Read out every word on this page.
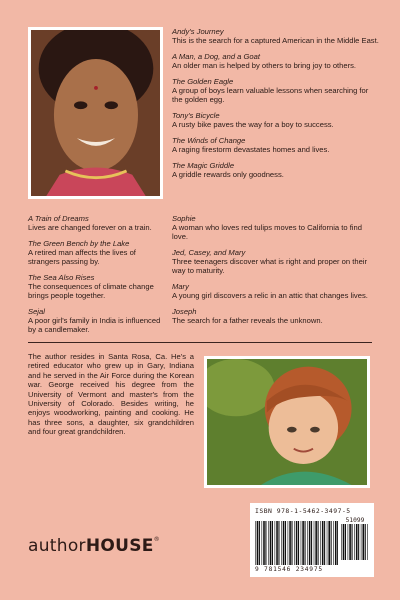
Andy's Journey
This is the search for a captured American in the Middle East.
A Man, a Dog, and a Goat
An older man is helped by others to bring joy to others.
The Golden Eagle
A group of boys learn valuable lessons when searching for the golden egg.
Tony's Bicycle
A rusty bike paves the way for a boy to success.
The Winds of Change
A raging firestorm devastates homes and lives.
The Magic Griddle
A griddle rewards only goodness.
A Train of Dreams
Lives are changed forever on a train.
The Green Bench by the Lake
A retired man affects the lives of strangers passing by.
The Sea Also Rises
The consequences of climate change brings people together.
Sejal
A poor girl's family in India is influenced by a candlemaker.
Sophie
A woman who loves red tulips moves to California to find love.
Jed, Casey, and Mary
Three teenagers discover what is right and proper on their way to maturity.
Mary
A young girl discovers a relic in an attic that changes lives.
Joseph
The search for a father reveals the unknown.
The author resides in Santa Rosa, Ca. He's a retired educator who grew up in Gary, Indiana and he served in the Air Force during the Korean war. George received his degree from the University of Vermont and master's from the University of Colorado. Besides writing, he enjoys woodworking, painting and cooking. He has three sons, a daughter, six grandchildren and four great grandchildren.
ISBN 978-1-5462-3497-5
51099
9 781546 234975
authorHOUSE®
